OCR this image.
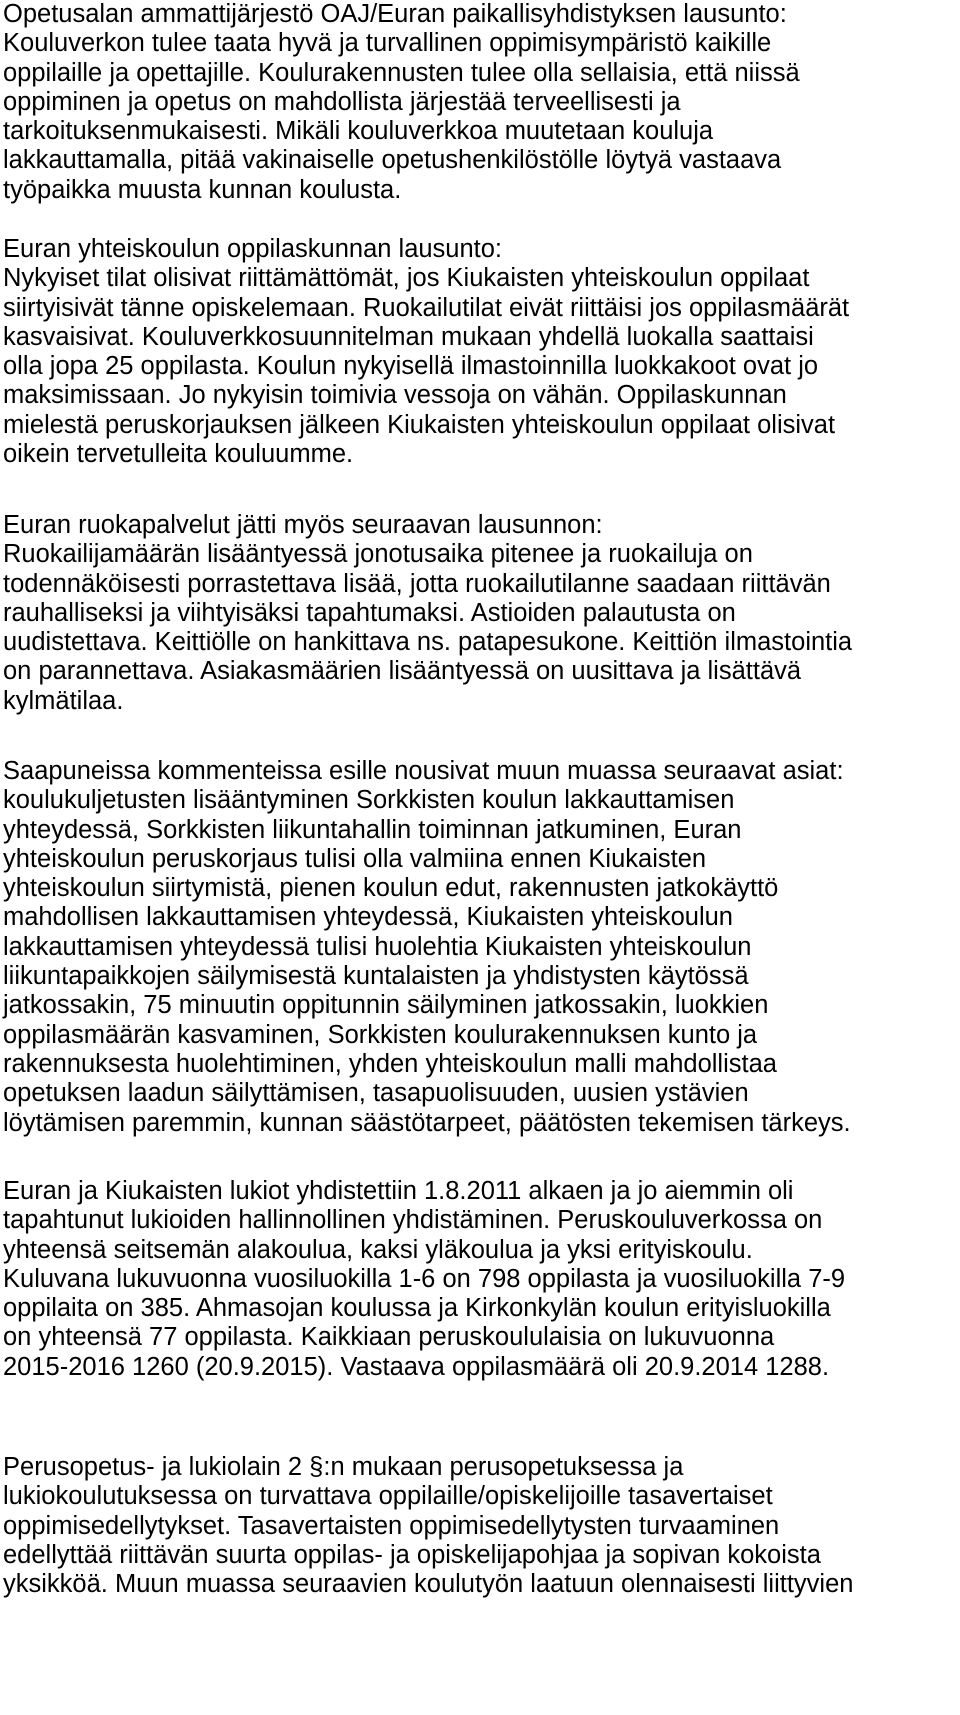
Opetusalan ammattijärjestö OAJ/Euran paikallisyhdistyksen lausunto:
Kouluverkon tulee taata hyvä ja turvallinen oppimisympäristö kaikille
oppilaille ja opettajille. Koulurakennusten tulee olla sellaisia, että niissä
oppiminen ja opetus on mahdollista järjestää terveellisesti ja
tarkoituksenmukaisesti. Mikäli kouluverkkoa muutetaan kouluja
lakkauttamalla, pitää vakinaiselle opetushenkilöstölle löytyä vastaava
työpaikka muusta kunnan koulusta.
Euran yhteiskoulun oppilaskunnan lausunto:
Nykyiset tilat olisivat riittämättömät, jos Kiukaisten yhteiskoulun oppilaat
siirtyisivät tänne opiskelemaan. Ruokailutilat eivät riittäisi jos oppilasmäärät
kasvaisivat. Kouluverkkosuunnitelman mukaan yhdellä luokalla saattaisi
olla jopa 25 oppilasta. Koulun nykyisellä ilmastoinnilla luokkakoot ovat jo
maksimissaan. Jo nykyisin toimivia vessoja on vähän. Oppilaskunnan
mielestä peruskorjauksen jälkeen Kiukaisten yhteiskoulun oppilaat olisivat
oikein tervetulleita kouluumme.
Euran ruokapalvelut jätti myös seuraavan lausunnon:
Ruokailijamäärän lisääntyessä jonotusaika pitenee ja ruokailuja on
todennäköisesti porrastettava lisää, jotta ruokailutilanne saadaan riittävän
rauhalliseksi ja viihtyisäksi tapahtumaksi. Astioiden palautusta on
uudistettava. Keittiölle on hankittava ns. patapesukone. Keittiön ilmastointia
on parannettava. Asiakasmäärien lisääntyessä on uusittava ja lisättävä
kylmätilaa.
Saapuneissa kommenteissa esille nousivat muun muassa seuraavat asiat:
koulukuljetusten lisääntyminen Sorkkisten koulun lakkauttamisen
yhteydessä, Sorkkisten liikuntahallin toiminnan jatkuminen, Euran
yhteiskoulun peruskorjaus tulisi olla valmiina ennen Kiukaisten
yhteiskoulun siirtymistä, pienen koulun edut, rakennusten jatkokäyttö
mahdollisen lakkauttamisen yhteydessä, Kiukaisten yhteiskoulun
lakkauttamisen yhteydessä tulisi huolehtia Kiukaisten yhteiskoulun
liikuntapaikkojen säilymisestä kuntalaisten ja yhdistysten käytössä
jatkossakin, 75 minuutin oppitunnin säilyminen jatkossakin, luokkien
oppilasmäärän kasvaminen, Sorkkisten koulurakennuksen kunto ja
rakennuksesta huolehtiminen, yhden yhteiskoulun malli mahdollistaa
opetuksen laadun säilyttämisen, tasapuolisuuden, uusien ystävien
löytämisen paremmin, kunnan säästötarpeet, päätösten tekemisen tärkeys.
Euran ja Kiukaisten lukiot yhdistettiin 1.8.2011 alkaen ja jo aiemmin oli
tapahtunut lukioiden hallinnollinen yhdistäminen. Peruskouluverkossa on
yhteensä seitsemän alakoulua, kaksi yläkoulua ja yksi erityiskoulu.
Kuluvana lukuvuonna vuosiluokilla 1-6 on 798 oppilasta ja vuosiluokilla 7-9
oppilaita on 385. Ahmasojan koulussa ja Kirkonkylän koulun erityisluokilla
on yhteensä 77 oppilasta. Kaikkiaan peruskoululaisia on lukuvuonna
2015-2016 1260 (20.9.2015). Vastaava oppilasmäärä oli 20.9.2014 1288.
Perusopetus- ja lukiolain 2 §:n mukaan perusopetuksessa ja
lukiokoulutuksessa on turvattava oppilaille/opiskelijoille tasavertaiset
oppimisedellytykset. Tasavertaisten oppimisedellytysten turvaaminen
edellyttää riittävän suurta oppilas- ja opiskelijapohjaa ja sopivan kokoista
yksikköä. Muun muassa seuraavien koulutyön laatuun olennaisesti liittyvien
